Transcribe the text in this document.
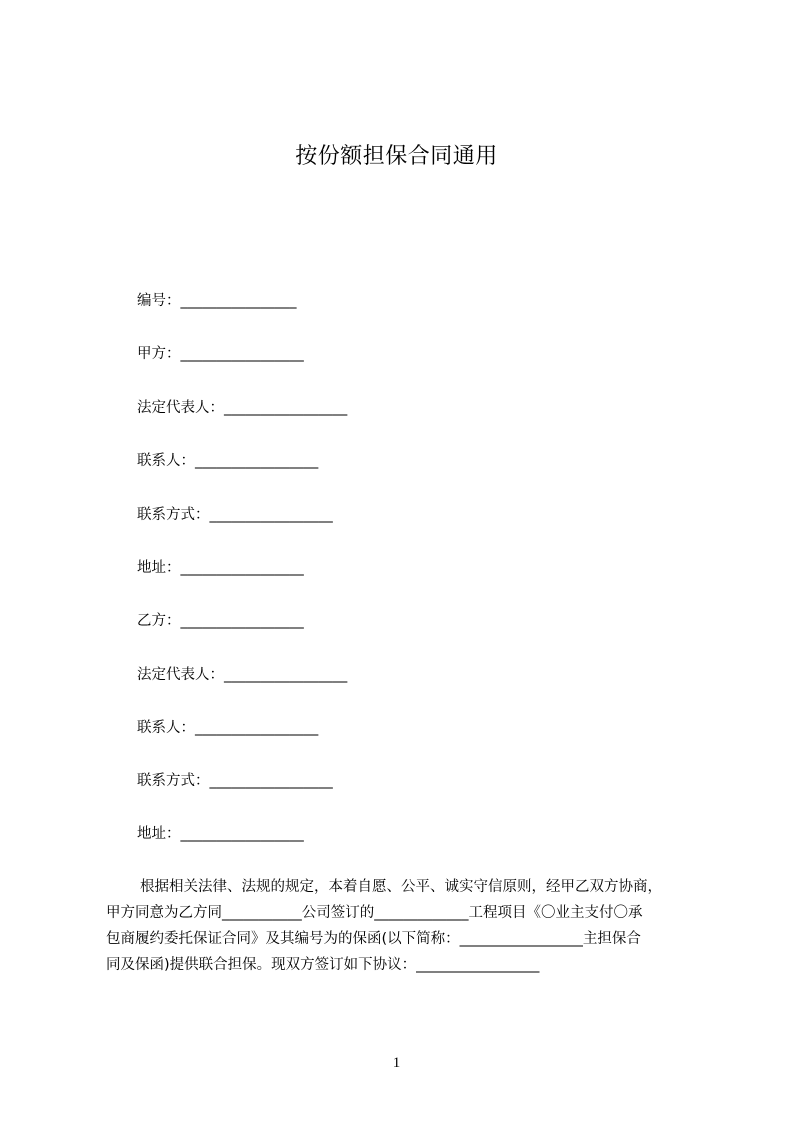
按份额担保合同通用
编号：________________
甲方：_________________
法定代表人：_________________
联系人：_________________
联系方式：_________________
地址：_________________
乙方：_________________
法定代表人：_________________
联系人：_________________
联系方式：_________________
地址：_________________
根据相关法律、法规的规定，本着自愿、公平、诚实守信原则，经甲乙双方协商，
甲方同意为乙方同___________公司签订的_____________工程项目《〇业主支付〇承
包商履约委托保证合同》及其编号为的保函(以下简称：_________________主担保合
同及保函)提供联合担保。现双方签订如下协议：_________________
1
